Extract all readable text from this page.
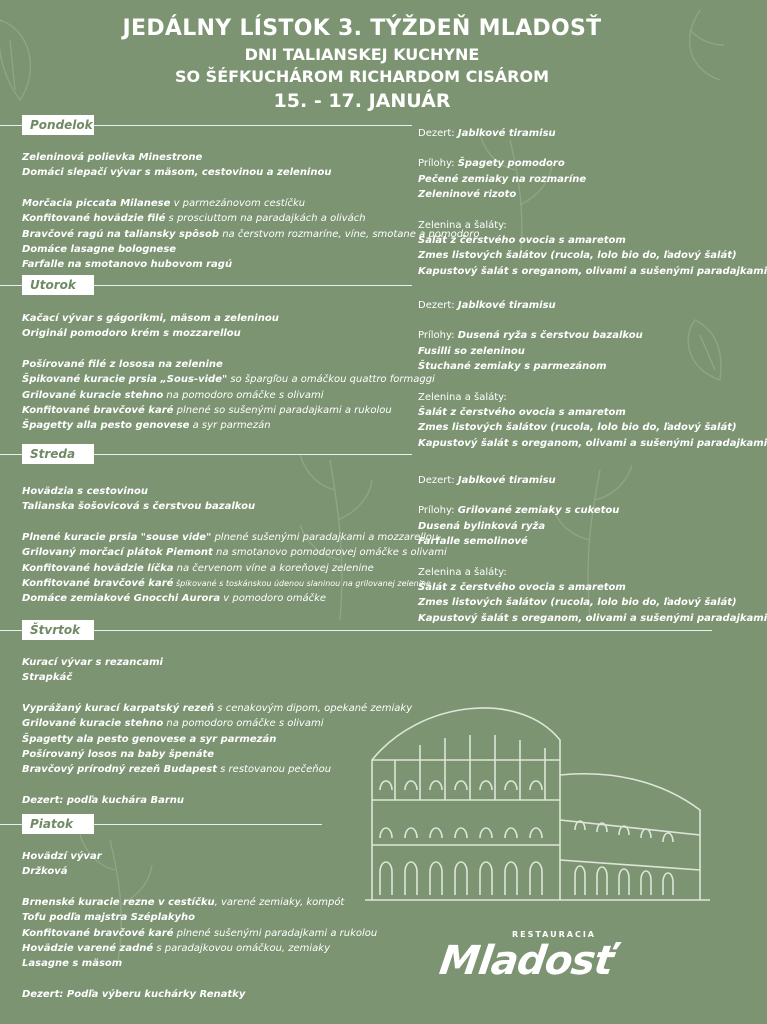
JEDÁLNY LÍSTOK 3. TÝŽDEŇ MLADOSŤ
DNI TALIANSKEJ KUCHYNE
SO ŠÉFKUCHÁROM RICHARDOM CISÁROM
15. - 17. JANUÁR
Pondelok
Zeleninová polievka Minestrone
Domáci slepačí vývar s mäsom, cestovinou a zeleninou
Morčacia piccata Milanese v parmezánovom cestíčku
Konfitované hovädzie filé s prosciuttom na paradajkách a olivách
Bravčové ragú na taliansky spôsob na čerstvom rozmaríne, víne, smotane a pomodoro
Domáce lasagne bolognese
Farfalle na smotanovo hubovom ragú
Dezert: Jablkové tiramisu
Prílohy: Špagety pomodoro
Pečené zemiaky na rozmaríne
Zeleninové rizoto
Zelenina a šaláty:
Šalát z čerstvého ovocia s amaretom
Zmes listových šalátov (rucola, lolo bio do, ľadový šalát)
Kapustový šalát s oreganom, olivami a sušenými paradajkami
Utorok
Kačací vývar s gágorikmi, mäsom a zeleninou
Originál pomodoro krém s mozzarellou
Pošírované filé z lososa na zelenine
Špikované kuracie prsia „Sous-vide" so špargľou a omáčkou quattro formaggi
Grilované kuracie stehno na pomodoro omáčke s olivami
Konfitované bravčové karé plnené so sušenými paradajkami a rukolou
Špagetty alla pesto genovese a syr parmezán
Dezert: Jablkové tiramisu
Prílohy: Dusená ryža s čerstvou bazalkou
Fusilli so zeleninou
Štuchané zemiaky s parmezánom
Zelenina a šaláty:
Šalát z čerstvého ovocia s amaretom
Zmes listových šalátov (rucola, lolo bio do, ľadový šalát)
Kapustový šalát s oreganom, olivami a sušenými paradajkami
Streda
Hovädzia s cestovinou
Talianska šošovicová s čerstvou bazalkou
Plnené kuracie prsia "souse vide" plnené sušenými paradajkami a mozzarellou
Grilovaný morčací plátok Piemont na smotanovo pomodorovej omáčke s olivami
Konfitované hovädzie líčka na červenom víne a koreňovej zelenine
Konfitované bravčové karé špikované s toskánskou údenou slaninou na grilovanej zelenine
Domáce zemiakové Gnocchi Aurora v pomodoro omáčke
Dezert: Jablkové tiramisu
Prílohy: Grilované zemiaky s cuketou
Dusená bylinková ryža
Farfalle semolinové
Zelenina a šaláty:
Šalát z čerstvého ovocia s amaretom
Zmes listových šalátov (rucola, lolo bio do, ľadový šalát)
Kapustový šalát s oreganom, olivami a sušenými paradajkami
Štvrtok
Kurací vývar s rezancami
Strapkáč
Vyprážaný kurací karpatský rezeň s cenakovým dipom, opekané zemiaky
Grilované kuracie stehno na pomodoro omáčke s olivami
Špagetty ala pesto genovese a syr parmezán
Pošírovaný losos na baby špenáte
Bravčový prírodný rezeň Budapest s restovanou pečeňou
Dezert: podľa kuchára Barnu
Piatok
Hovädzí vývar
Držková
Brnenské kuracie rezne v cestíčku, varené zemiaky, kompót
Tofu podľa majstra Széplakyho
Konfitované bravčové karé plnené sušenými paradajkami a rukolou
Hovädzie varené zadné s paradajkovou omáčkou, zemiaky
Lasagne s mäsom
Dezert: Podľa výberu kuchárky Renatky
RESTAURACIA
Mladosť
